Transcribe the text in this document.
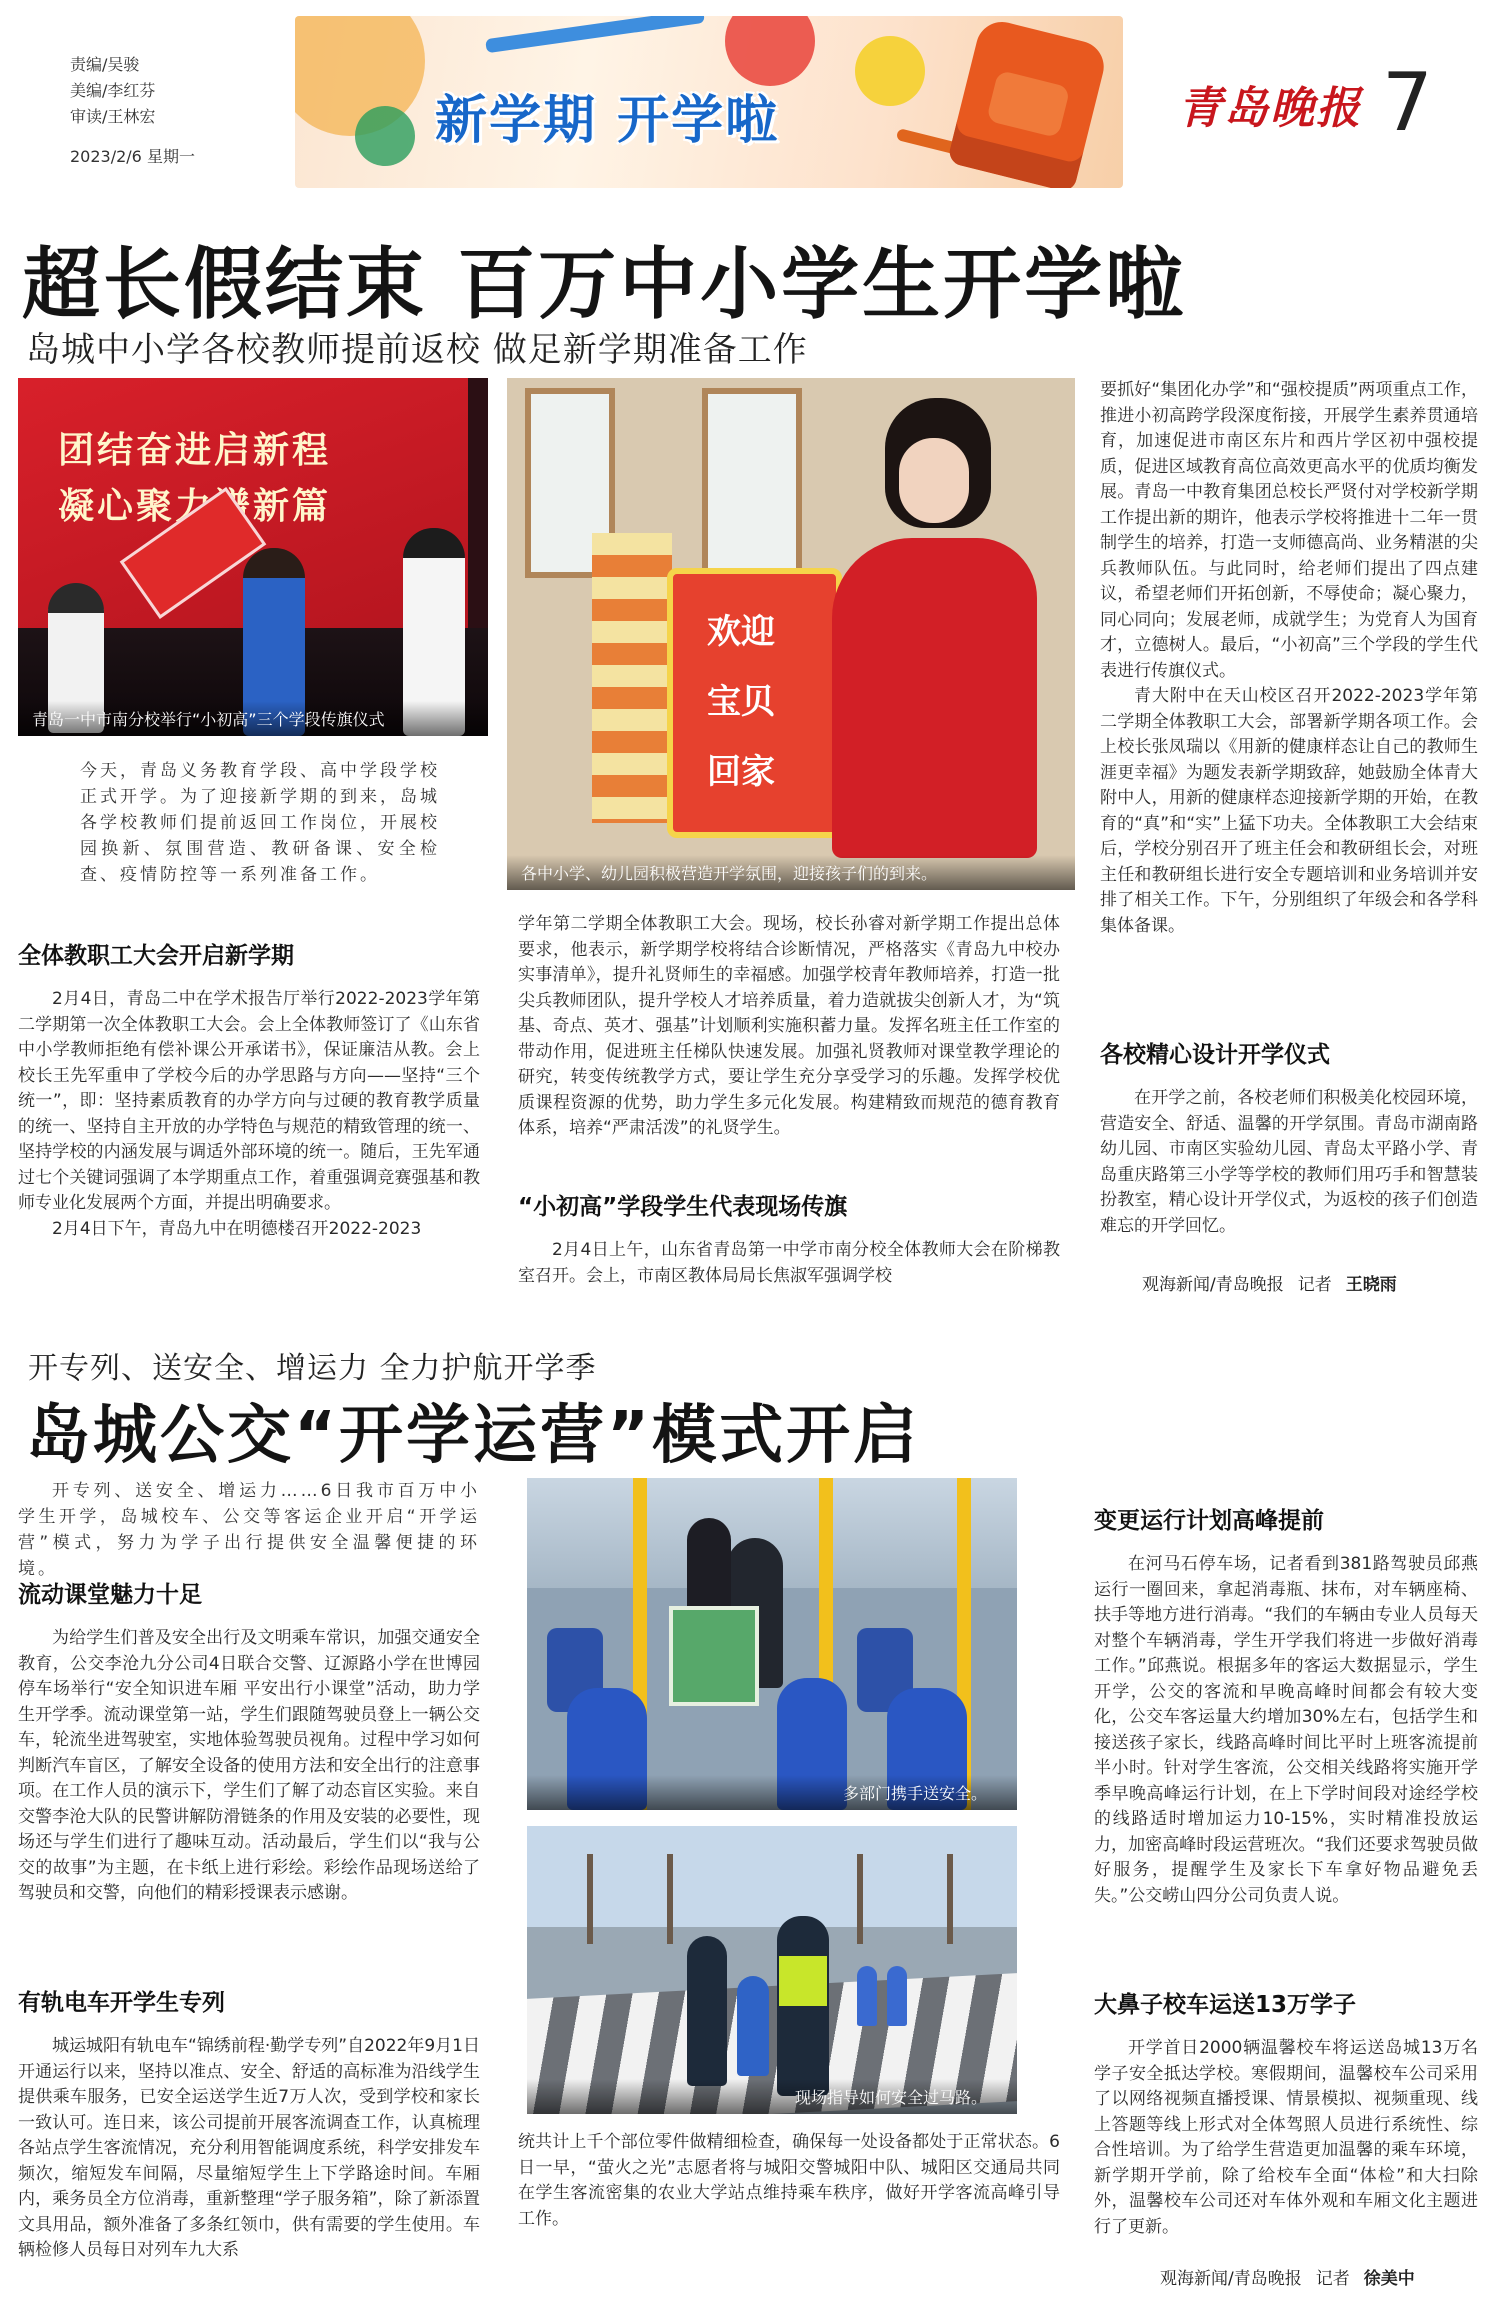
责编/吴骏
美编/李红芬
审读/王林宏
2023/2/6 星期一
新学期 开学啦	青岛晚报 7
超长假结束 百万中小学生开学啦
岛城中小学各校教师提前返校 做足新学期准备工作
团结奋进启新程
凝心聚力谱新篇
青岛一中市南分校举行“小初高”三个学段传旗仪式
欢迎
宝贝
回家
各中小学、幼儿园积极营造开学氛围，迎接孩子们的到来。
今天，青岛义务教育学段、高中学段学校正式开学。为了迎接新学期的到来，岛城各学校教师们提前返回工作岗位，开展校园换新、氛围营造、教研备课、安全检查、疫情防控等一系列准备工作。
全体教职工大会开启新学期

2月4日，青岛二中在学术报告厅举行2022-2023学年第二学期第一次全体教职工大会。会上全体教师签订了《山东省中小学教师拒绝有偿补课公开承诺书》，保证廉洁从教。会上校长王先军重申了学校今后的办学思路与方向——坚持“三个统一”，即：坚持素质教育的办学方向与过硬的教育教学质量的统一、坚持自主开放的办学特色与规范的精致管理的统一、坚持学校的内涵发展与调适外部环境的统一。随后，王先军通过七个关键词强调了本学期重点工作，着重强调竞赛强基和教师专业化发展两个方面，并提出明确要求。

2月4日下午，青岛九中在明德楼召开2022-2023

学年第二学期全体教职工大会。现场，校长孙睿对新学期工作提出总体要求，他表示，新学期学校将结合诊断情况，严格落实《青岛九中校办实事清单》，提升礼贤师生的幸福感。加强学校青年教师培养，打造一批尖兵教师团队，提升学校人才培养质量，着力造就拔尖创新人才，为“筑基、奇点、英才、强基”计划顺利实施积蓄力量。发挥名班主任工作室的带动作用，促进班主任梯队快速发展。加强礼贤教师对课堂教学理论的研究，转变传统教学方式，要让学生充分享受学习的乐趣。发挥学校优质课程资源的优势，助力学生多元化发展。构建精致而规范的德育教育体系，培养“严肃活泼”的礼贤学生。

“小初高”学段学生代表现场传旗

2月4日上午，山东省青岛第一中学市南分校全体教师大会在阶梯教室召开。会上，市南区教体局局长焦淑军强调学校

要抓好“集团化办学”和“强校提质”两项重点工作，推进小初高跨学段深度衔接，开展学生素养贯通培育，加速促进市南区东片和西片学区初中强校提质，促进区域教育高位高效更高水平的优质均衡发展。青岛一中教育集团总校长严贤付对学校新学期工作提出新的期许，他表示学校将推进十二年一贯制学生的培养，打造一支师德高尚、业务精湛的尖兵教师队伍。与此同时，给老师们提出了四点建议，希望老师们开拓创新，不辱使命；凝心聚力，同心同向；发展老师，成就学生；为党育人为国育才，立德树人。最后，“小初高”三个学段的学生代表进行传旗仪式。

青大附中在天山校区召开2022-2023学年第二学期全体教职工大会，部署新学期各项工作。会上校长张凤瑞以《用新的健康样态让自己的教师生涯更幸福》为题发表新学期致辞，她鼓励全体青大附中人，用新的健康样态迎接新学期的开始，在教育的“真”和“实”上猛下功夫。全体教职工大会结束后，学校分别召开了班主任会和教研组长会，对班主任和教研组长进行安全专题培训和业务培训并安排了相关工作。下午，分别组织了年级会和各学科集体备课。

各校精心设计开学仪式

在开学之前，各校老师们积极美化校园环境，营造安全、舒适、温馨的开学氛围。青岛市湖南路幼儿园、市南区实验幼儿园、青岛太平路小学、青岛重庆路第三小学等学校的教师们用巧手和智慧装扮教室，精心设计开学仪式，为返校的孩子们创造难忘的开学回忆。

观海新闻/青岛晚报 记者 王晓雨
开专列、送安全、增运力 全力护航开学季
岛城公交“开学运营”模式开启

开专列、送安全、增运力……6日我市百万中小学生开学，岛城校车、公交等客运企业开启“开学运营”模式，努力为学子出行提供安全温馨便捷的环境。

流动课堂魅力十足

为给学生们普及安全出行及文明乘车常识，加强交通安全教育，公交李沧九分公司4日联合交警、辽源路小学在世博园停车场举行“安全知识进车厢 平安出行小课堂”活动，助力学生开学季。流动课堂第一站，学生们跟随驾驶员登上一辆公交车，轮流坐进驾驶室，实地体验驾驶员视角。过程中学习如何判断汽车盲区，了解安全设备的使用方法和安全出行的注意事项。在工作人员的演示下，学生们了解了动态盲区实验。来自交警李沧大队的民警讲解防滑链条的作用及安装的必要性，现场还与学生们进行了趣味互动。活动最后，学生们以“我与公交的故事”为主题，在卡纸上进行彩绘。彩绘作品现场送给了驾驶员和交警，向他们的精彩授课表示感谢。

有轨电车开学生专列

城运城阳有轨电车“锦绣前程·勤学专列”自2022年9月1日开通运行以来，坚持以准点、安全、舒适的高标准为沿线学生提供乘车服务，已安全运送学生近7万人次，受到学校和家长一致认可。连日来，该公司提前开展客流调查工作，认真梳理各站点学生客流情况，充分利用智能调度系统，科学安排发车频次，缩短发车间隔，尽量缩短学生上下学路途时间。车厢内，乘务员全方位消毒，重新整理“学子服务箱”，除了新添置文具用品，额外准备了多条红领巾，供有需要的学生使用。车辆检修人员每日对列车九大系

多部门携手送安全。
现场指导如何安全过马路。

统共计上千个部位零件做精细检查，确保每一处设备都处于正常状态。6日一早，“萤火之光”志愿者将与城阳交警城阳中队、城阳区交通局共同在学生客流密集的农业大学站点维持乘车秩序，做好开学客流高峰引导工作。

变更运行计划高峰提前

在河马石停车场，记者看到381路驾驶员邱燕运行一圈回来，拿起消毒瓶、抹布，对车辆座椅、扶手等地方进行消毒。“我们的车辆由专业人员每天对整个车辆消毒，学生开学我们将进一步做好消毒工作。”邱燕说。根据多年的客运大数据显示，学生开学，公交的客流和早晚高峰时间都会有较大变化，公交车客运量大约增加30%左右，包括学生和接送孩子家长，线路高峰时间比平时上班客流提前半小时。针对学生客流，公交相关线路将实施开学季早晚高峰运行计划，在上下学时间段对途经学校的线路适时增加运力10-15%，实时精准投放运力，加密高峰时段运营班次。“我们还要求驾驶员做好服务，提醒学生及家长下车拿好物品避免丢失。”公交崂山四分公司负责人说。

大鼻子校车运送13万学子

开学首日2000辆温馨校车将运送岛城13万名学子安全抵达学校。寒假期间，温馨校车公司采用了以网络视频直播授课、情景模拟、视频重现、线上答题等线上形式对全体驾照人员进行系统性、综合性培训。为了给学生营造更加温馨的乘车环境，新学期开学前，除了给校车全面“体检”和大扫除外，温馨校车公司还对车体外观和车厢文化主题进行了更新。

观海新闻/青岛晚报 记者 徐美中
